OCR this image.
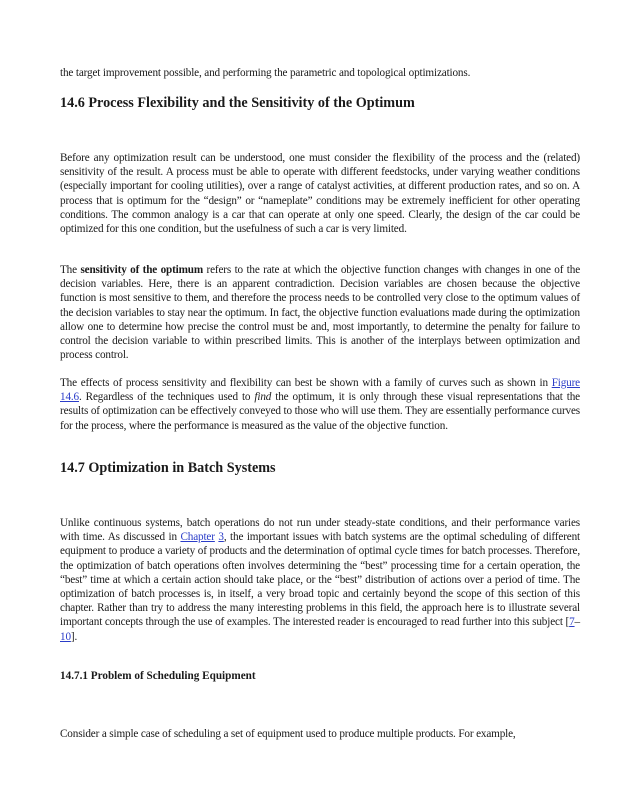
the target improvement possible, and performing the parametric and topological optimizations.

14.6 Process Flexibility and the Sensitivity of the Optimum

Before any optimization result can be understood, one must consider the flexibility of the process and the (related) sensitivity of the result. A process must be able to operate with different feedstocks, under varying weather conditions (especially important for cooling utilities), over a range of catalyst activities, at different production rates, and so on. A process that is optimum for the “design” or “nameplate” conditions may be extremely inefficient for other operating conditions. The common analogy is a car that can operate at only one speed. Clearly, the design of the car could be optimized for this one condition, but the usefulness of such a car is very limited.

The sensitivity of the optimum refers to the rate at which the objective function changes with changes in one of the decision variables. Here, there is an apparent contradiction. Decision variables are chosen because the objective function is most sensitive to them, and therefore the process needs to be controlled very close to the optimum values of the decision variables to stay near the optimum. In fact, the objective function evaluations made during the optimization allow one to determine how precise the control must be and, most importantly, to determine the penalty for failure to control the decision variable to within prescribed limits. This is another of the interplays between optimization and process control.

The effects of process sensitivity and flexibility can best be shown with a family of curves such as shown in Figure 14.6. Regardless of the techniques used to find the optimum, it is only through these visual representations that the results of optimization can be effectively conveyed to those who will use them. They are essentially performance curves for the process, where the performance is measured as the value of the objective function.

14.7 Optimization in Batch Systems

Unlike continuous systems, batch operations do not run under steady-state conditions, and their performance varies with time. As discussed in Chapter 3, the important issues with batch systems are the optimal scheduling of different equipment to produce a variety of products and the determination of optimal cycle times for batch processes. Therefore, the optimization of batch operations often involves determining the “best” processing time for a certain operation, the “best” time at which a certain action should take place, or the “best” distribution of actions over a period of time. The optimization of batch processes is, in itself, a very broad topic and certainly beyond the scope of this section of this chapter. Rather than try to address the many interesting problems in this field, the approach here is to illustrate several important concepts through the use of examples. The interested reader is encouraged to read further into this subject [7–10].

14.7.1 Problem of Scheduling Equipment

Consider a simple case of scheduling a set of equipment used to produce multiple products. For example,
